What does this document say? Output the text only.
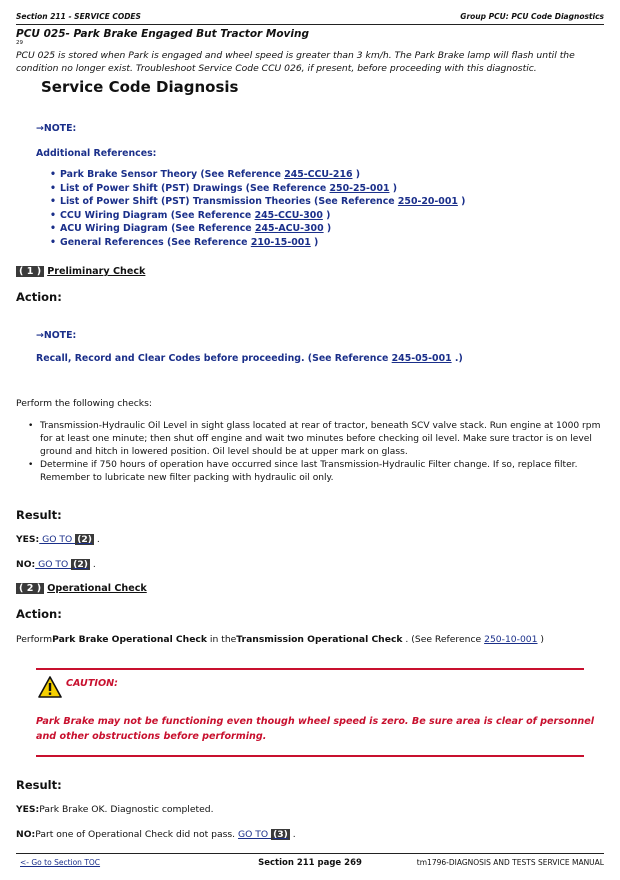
Section 211 - SERVICE CODES	Group PCU: PCU Code Diagnostics
PCU 025- Park Brake Engaged But Tractor Moving
29
PCU 025 is stored when Park is engaged and wheel speed is greater than 3 km/h. The Park Brake lamp will flash until the condition no longer exist. Troubleshoot Service Code CCU 026, if present, before proceeding with this diagnostic.
Service Code Diagnosis
→NOTE:
Additional References:
• Park Brake Sensor Theory (See Reference 245-CCU-216 )
• List of Power Shift (PST) Drawings (See Reference 250-25-001 )
• List of Power Shift (PST) Transmission Theories (See Reference 250-20-001 )
• CCU Wiring Diagram (See Reference 245-CCU-300 )
• ACU Wiring Diagram (See Reference 245-ACU-300 )
• General References (See Reference 210-15-001 )
( 1 ) Preliminary Check
Action:
→NOTE:
Recall, Record and Clear Codes before proceeding. (See Reference 245-05-001 .)
Perform the following checks:
• Transmission-Hydraulic Oil Level in sight glass located at rear of tractor, beneath SCV valve stack. Run engine at 1000 rpm for at least one minute; then shut off engine and wait two minutes before checking oil level. Make sure tractor is on level ground and hitch in lowered position. Oil level should be at upper mark on glass.
• Determine if 750 hours of operation have occurred since last Transmission-Hydraulic Filter change. If so, replace filter. Remember to lubricate new filter packing with hydraulic oil only.
Result:
YES: GO TO (2) .
NO: GO TO (2) .
( 2 ) Operational Check
Action:
PerformPark Brake Operational Check in theTransmission Operational Check . (See Reference 250-10-001 )
CAUTION:
Park Brake may not be functioning even though wheel speed is zero. Be sure area is clear of personnel and other obstructions before performing.
Result:
YES:Park Brake OK. Diagnostic completed.
NO:Part one of Operational Check did not pass. GO TO (3) .
<- Go to Section TOC	Section 211 page 269	tm1796-DIAGNOSIS AND TESTS SERVICE MANUAL
